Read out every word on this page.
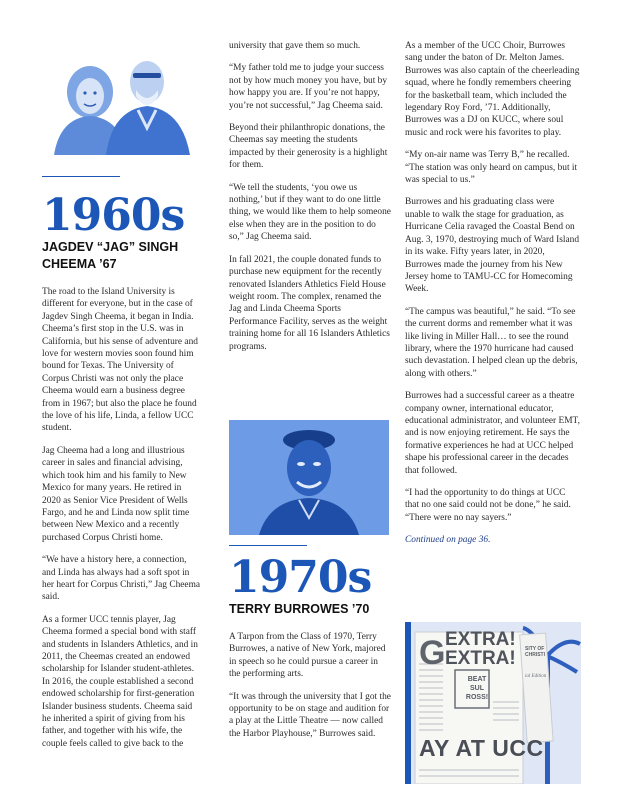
1960s
JAGDEV “JAG” SINGH
CHEEMA ’67

The road to the Island University is different for everyone, but in the case of Jagdev Singh Cheema, it began in India. Cheema’s first stop in the U.S. was in California, but his sense of adventure and love for western movies soon found him bound for Texas. The University of Corpus Christi was not only the place Cheema would earn a business degree from in 1967; but also the place he found the love of his life, Linda, a fellow UCC student.

Jag Cheema had a long and illustrious career in sales and financial advising, which took him and his family to New Mexico for many years. He retired in 2020 as Senior Vice President of Wells Fargo, and he and Linda now split time between New Mexico and a recently purchased Corpus Christi home.

“We have a history here, a connection, and Linda has always had a soft spot in her heart for Corpus Christi,” Jag Cheema said.

As a former UCC tennis player, Jag Cheema formed a special bond with staff and students in Islanders Athletics, and in 2011, the Cheemas created an endowed scholarship for Islander student-athletes. In 2016, the couple established a second endowed scholarship for first-generation Islander business students. Cheema said he inherited a spirit of giving from his father, and together with his wife, the couple feels called to give back to the

university that gave them so much.

“My father told me to judge your success not by how much money you have, but by how happy you are. If you’re not happy, you’re not successful,” Jag Cheema said.

Beyond their philanthropic donations, the Cheemas say meeting the students impacted by their generosity is a highlight for them.

“We tell the students, ‘you owe us nothing,’ but if they want to do one little thing, we would like them to help someone else when they are in the position to do so,” Jag Cheema said.

In fall 2021, the couple donated funds to purchase new equipment for the recently renovated Islanders Athletics Field House weight room. The complex, renamed the Jag and Linda Cheema Sports Performance Facility, serves as the weight training home for all 16 Islanders Athletics programs.

1970s
TERRY BURROWES ’70

A Tarpon from the Class of 1970, Terry Burrowes, a native of New York, majored in speech so he could pursue a career in the performing arts.

“It was through the university that I got the opportunity to be on stage and audition for a play at the Little Theatre — now called the Harbor Playhouse,” Burrowes said.

As a member of the UCC Choir, Burrowes sang under the baton of Dr. Melton James. Burrowes was also captain of the cheerleading squad, where he fondly remembers cheering for the basketball team, which included the legendary Roy Ford, ’71. Additionally, Burrowes was a DJ on KUCC, where soul music and rock were his favorites to play.

“My on-air name was Terry B,” he recalled. “The station was only heard on campus, but it was special to us.”

Burrowes and his graduating class were unable to walk the stage for graduation, as Hurricane Celia ravaged the Coastal Bend on Aug. 3, 1970, destroying much of Ward Island in its wake. Fifty years later, in 2020, Burrowes made the journey from his New Jersey home to TAMU-CC for Homecoming Week.

“The campus was beautiful,” he said. “To see the current dorms and remember what it was like living in Miller Hall… to see the round library, where the 1970 hurricane had caused such devastation. I helped clean up the debris, along with others.”

Burrowes had a successful career as a theatre company owner, international educator, educational administrator, and volunteer EMT, and is now enjoying retirement. He says the formative experiences he had at UCC helped shape his professional career in the decades that followed.

“I had the opportunity to do things at UCC that no one said could not be done,” he said. “There were no nay sayers.”

Continued on page 36.

G EXTRA! EXTRA!
BEAT
SUL
ROSS!
AY AT UCC
SITY OF CHRISTI
ial Edition
